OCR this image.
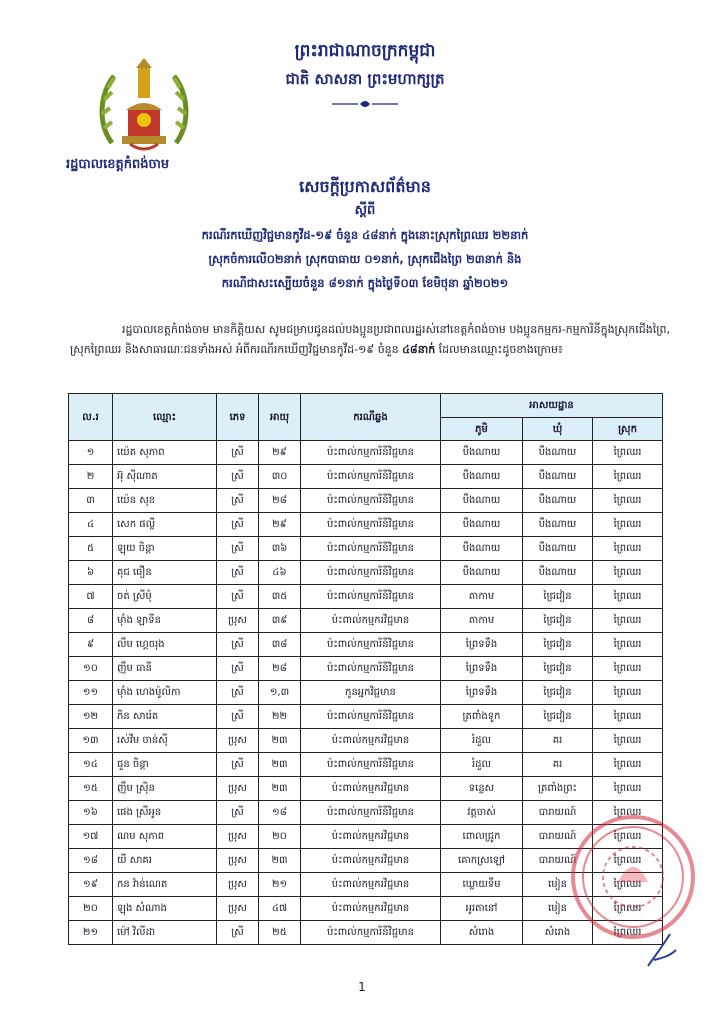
ព្រះរាជាណាចក្រកម្ពុជា
ជាតិ សាសនា ព្រះមហាក្សត្រ
រដ្ឋបាលខេត្តកំពង់ចាម
សេចក្តីប្រកាសព័ត៌មាន
ស្តីពី
ករណីរកឃើញវិជ្ជមានកូវីដ-១៩ ចំនួន ៤៨នាក់ ក្នុងនោះស្រុកព្រៃឈរ ២២នាក់
ស្រុកចំការលើ០២នាក់ ស្រុកបាធាយ ០១នាក់, ស្រុកជើងព្រៃ ២៣នាក់ និង
ករណីជាសះស្បើយចំនួន ៨១នាក់ ក្នុងថ្ងៃទី០៣ ខែមិថុនា ឆ្នាំ២០២១

រដ្ឋបាលខេត្តកំពង់ចាម មានកិត្តិយស សូមជម្រាបជូនដល់បងប្អូនប្រជាពលរដ្ឋរស់នៅខេត្តកំពង់ចាម បងប្អូនកម្មករ-កម្មការិនីក្នុងស្រុកជើងព្រៃ, ស្រុកព្រៃឈរ និងសាធារណៈជនទាំងអស់ អំពីករណីរកឃើញវិជ្ជមានកូវីដ-១៩ ចំនួន ៤៨នាក់ ដែលមានឈ្មោះដូចខាងក្រោម៖

ល.រ	ឈ្មោះ	ភេទ	អាយុ	ករណីឆ្លង	អាសយដ្ឋាន		
					ភូមិ	ឃុំ	ស្រុក
១	យ៉េត សុភាព	ស្រី	២៩	ប៉ះពាល់កម្មការិនីវិជ្ជមាន	បឹងណាយ	បឹងណាយ	ព្រៃឈរ
២	អ៊ុ ស៊ីណាត	ស្រី	៣០	ប៉ះពាល់កម្មការិនីវិជ្ជមាន	បឹងណាយ	បឹងណាយ	ព្រៃឈរ
៣	យ៉េន សុខ	ស្រី	២៨	ប៉ះពាល់កម្មការិនីវិជ្ជមាន	បឹងណាយ	បឹងណាយ	ព្រៃឈរ
៤	សេក ផល្លី	ស្រី	២៩	ប៉ះពាល់កម្មការិនីវិជ្ជមាន	បឹងណាយ	បឹងណាយ	ព្រៃឈរ
៥	ឡុយ ចិន្តា	ស្រី	៣៦	ប៉ះពាល់កម្មការិនីវិជ្ជមាន	បឹងណាយ	បឹងណាយ	ព្រៃឈរ
៦	គុជ ធឿន	ស្រី	៤៦	ប៉ះពាល់កម្មការិនីវិជ្ជមាន	បឹងណាយ	បឹងណាយ	ព្រៃឈរ
៧	ចត់ ស្រីមុំ	ស្រី	៣៥	ប៉ះពាល់កម្មការិនីវិជ្ជមាន	តាកាម	ជ្រៃវៀន	ព្រៃឈរ
៨	ម៉ាំង ឡាទីន	ប្រុស	៣៩	ប៉ះពាល់កម្មករវិជ្ជមាន	តាកាម	ជ្រៃវៀន	ព្រៃឈរ
៩	លឹម ហ្គេចរុង	ស្រី	៣៨	ប៉ះពាល់កម្មការិនីវិជ្ជមាន	ព្រៃទទឹង	ជ្រៃវៀន	ព្រៃឈរ
១០	ញឹម ធានី	ស្រី	២៨	ប៉ះពាល់កម្មការិនីវិជ្ជមាន	ព្រៃទទឹង	ជ្រៃវៀន	ព្រៃឈរ
១១	ម៉ាំង ហេងម៉ូលិកា	ស្រី	១,៣	កូនអ្នកវិជ្ជមាន	ព្រៃទទឹង	ជ្រៃវៀន	ព្រៃឈរ
១២	ភិន សារ៉េត	ស្រី	២២	ប៉ះពាល់កម្មការិនីវិជ្ជមាន	ត្រពាំងទូក	ជ្រៃវៀន	ព្រៃឈរ
១៣	រស់វីម ចាន់ស៊ី	ប្រុស	២៣	ប៉ះពាល់កម្មករវិជ្ជមាន	រំដួល	គរ	ព្រៃឈរ
១៤	ជួន ចិន្តា	ស្រី	២៣	ប៉ះពាល់កម្មការិនីវិជ្ជមាន	រំដួល	គរ	ព្រៃឈរ
១៥	ញឹម ស្រ៊ិន	ប្រុស	២៣	ប៉ះពាល់កម្មករវិជ្ជមាន	ទន្លេស	ត្រពាំងព្រះ	ព្រៃឈរ
១៦	ផេង ស្រីអូន	ស្រី	១៨	ប៉ះពាល់កម្មការិនីវិជ្ជមាន	វត្តចាស់	បារាយណ៍	ព្រៃឈរ
១៧	ណម សុភាព	ប្រុស	២០	ប៉ះពាល់កម្មករវិជ្ជមាន	ពោលជ្រូក	បារាយណ៍	ព្រៃឈរ
១៨	យី សាគរ	ប្រុស	២៣	ប៉ះពាល់កម្មករវិជ្ជមាន	គោកស្រឡៅ	បារាយណ៍	ព្រៃឈរ
១៩	កន វ៉ាន់ណេត	ប្រុស	២១	ប៉ះពាល់កម្មករវិជ្ជមាន	ឃ្លោយទឹម	មៀន	ព្រៃឈរ
២០	ឡុង សំណាង	ប្រុស	៤៧	ប៉ះពាល់កម្មករវិជ្ជមាន	អូរតានៅ	មៀន	ព្រៃឈរ
២១	ម៉ៅ វិលីដា	ស្រី	២៥	ប៉ះពាល់កម្មការិនីវិជ្ជមាន	សំរោង	សំរោង	ព្រៃឈរ
1
